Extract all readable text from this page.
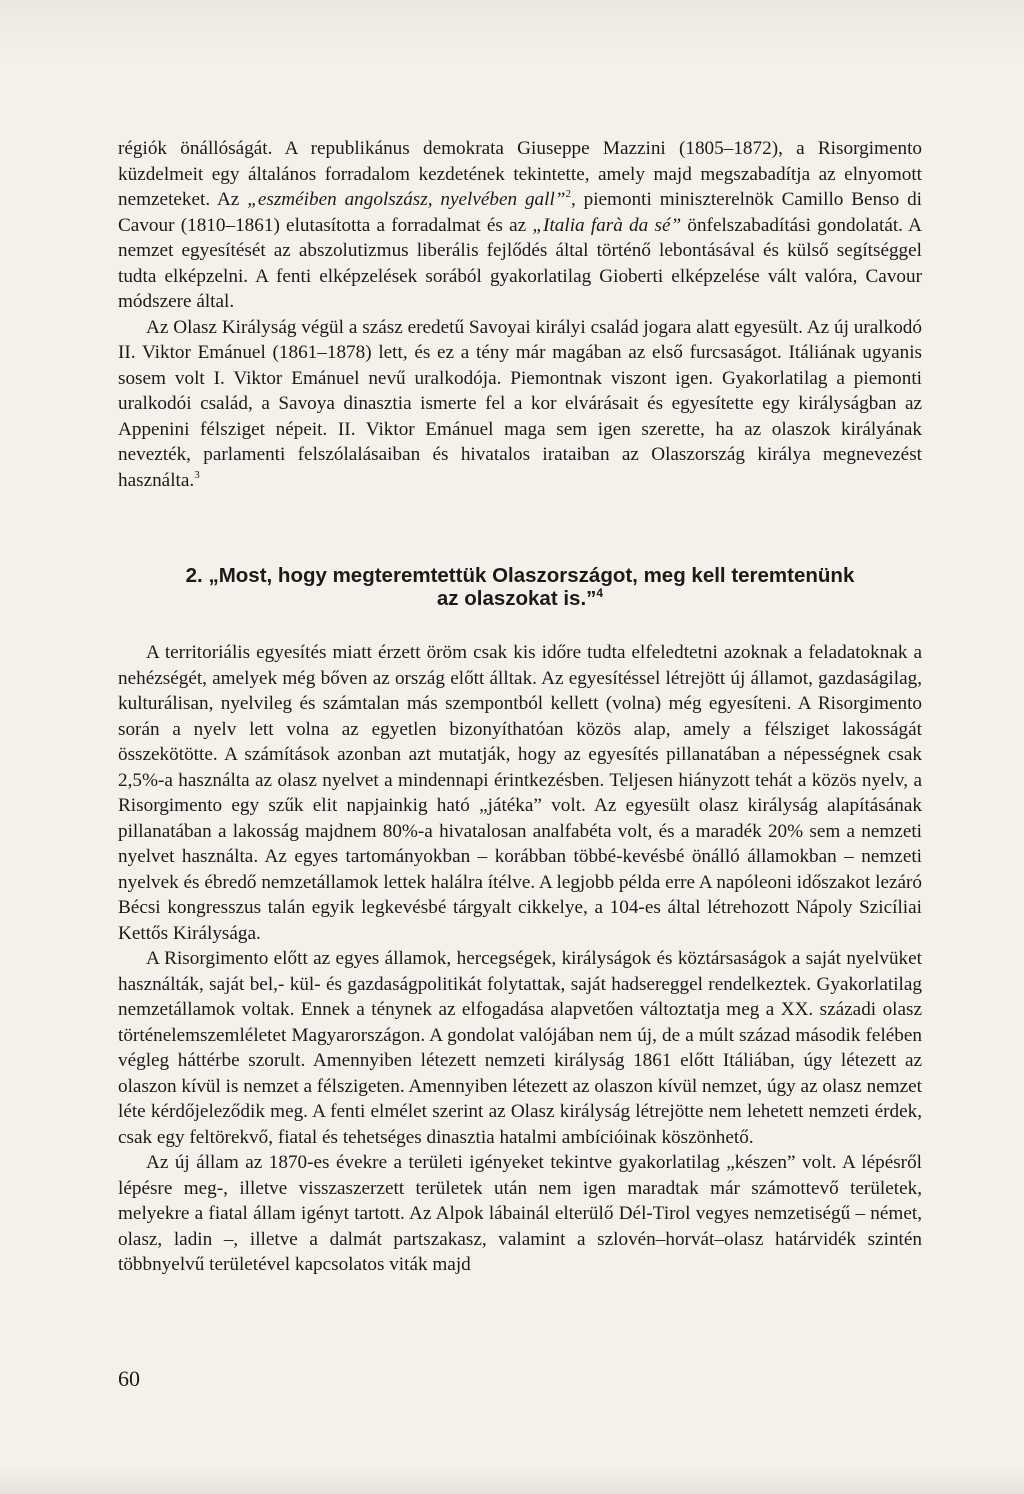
régiók önállóságát. A republikánus demokrata Giuseppe Mazzini (1805–1872), a Risorgimento küzdelmeit egy általános forradalom kezdetének tekintette, amely majd megszabadítja az elnyomott nemzeteket. Az „eszméiben angolszász, nyelvében gall”$^2$, piemonti miniszterelnök Camillo Benso di Cavour (1810–1861) elutasította a forradalmat és az „Italia farà da sé” önfelszabadítási gondolatát. A nemzet egyesítését az abszolutizmus liberális fejlődés által történő lebontásával és külső segítséggel tudta elképzelni. A fenti elképzelések sorából gyakorlatilag Gioberti elképzelése vált valóra, Cavour módszere által.

Az Olasz Királyság végül a szász eredetű Savoyai királyi család jogara alatt egyesült. Az új uralkodó II. Viktor Emánuel (1861–1878) lett, és ez a tény már magában az első furcsaságot. Itáliának ugyanis sosem volt I. Viktor Emánuel nevű uralkodója. Piemontnak viszont igen. Gyakorlatilag a piemonti uralkodói család, a Savoya dinasztia ismerte fel a kor elvárásait és egyesítette egy királyságban az Appenini félsziget népeit. II. Viktor Emánuel maga sem igen szerette, ha az olaszok királyának nevezték, parlamenti felszólalásaiban és hivatalos irataiban az Olaszország királya megnevezést használta.$^3$

2. „Most, hogy megteremtettük Olaszországot, meg kell teremtenünk
az olaszokat is.”$^4$

A territoriális egyesítés miatt érzett öröm csak kis időre tudta elfeledtetni azoknak a feladatoknak a nehézségét, amelyek még bőven az ország előtt álltak. Az egyesítéssel létrejött új államot, gazdaságilag, kulturálisan, nyelvileg és számtalan más szempontból kellett (volna) még egyesíteni. A Risorgimento során a nyelv lett volna az egyetlen bizonyíthatóan közös alap, amely a félsziget lakosságát összekötötte. A számítások azonban azt mutatják, hogy az egyesítés pillanatában a népességnek csak 2,5%-a használta az olasz nyelvet a mindennapi érintkezésben. Teljesen hiányzott tehát a közös nyelv, a Risorgimento egy szűk elit napjainkig ható „játéka” volt. Az egyesült olasz királyság alapításának pillanatában a lakosság majdnem 80%-a hivatalosan analfabéta volt, és a maradék 20% sem a nemzeti nyelvet használta. Az egyes tartományokban – korábban többé-kevésbé önálló államokban – nemzeti nyelvek és ébredő nemzetállamok lettek halálra ítélve. A legjobb példa erre A napóleoni időszakot lezáró Bécsi kongresszus talán egyik legkevésbé tárgyalt cikkelye, a 104-es által létrehozott Nápoly Szicíliai Kettős Királysága.

A Risorgimento előtt az egyes államok, hercegségek, királyságok és köztársaságok a saját nyelvüket használták, saját bel,- kül- és gazdaságpolitikát folytattak, saját hadsereggel rendelkeztek. Gyakorlatilag nemzetállamok voltak. Ennek a ténynek az elfogadása alapvetően változtatja meg a XX. századi olasz történelemszemléletet Magyarországon. A gondolat valójában nem új, de a múlt század második felében végleg háttérbe szorult. Amennyiben létezett nemzeti királyság 1861 előtt Itáliában, úgy létezett az olaszon kívül is nemzet a félszigeten. Amennyiben létezett az olaszon kívül nemzet, úgy az olasz nemzet léte kérdőjeleződik meg. A fenti elmélet szerint az Olasz királyság létrejötte nem lehetett nemzeti érdek, csak egy feltörekvő, fiatal és tehetséges dinasztia hatalmi ambícióinak köszönhető.

Az új állam az 1870-es évekre a területi igényeket tekintve gyakorlatilag „készen” volt. A lépésről lépésre meg-, illetve visszaszerzett területek után nem igen maradtak már számottevő területek, melyekre a fiatal állam igényt tartott. Az Alpok lábainál elterülő Dél-Tirol vegyes nemzetiségű – német, olasz, ladin –, illetve a dalmát partszakasz, valamint a szlovén–horvát–olasz határvidék szintén többnyelvű területével kapcsolatos viták majd

60
